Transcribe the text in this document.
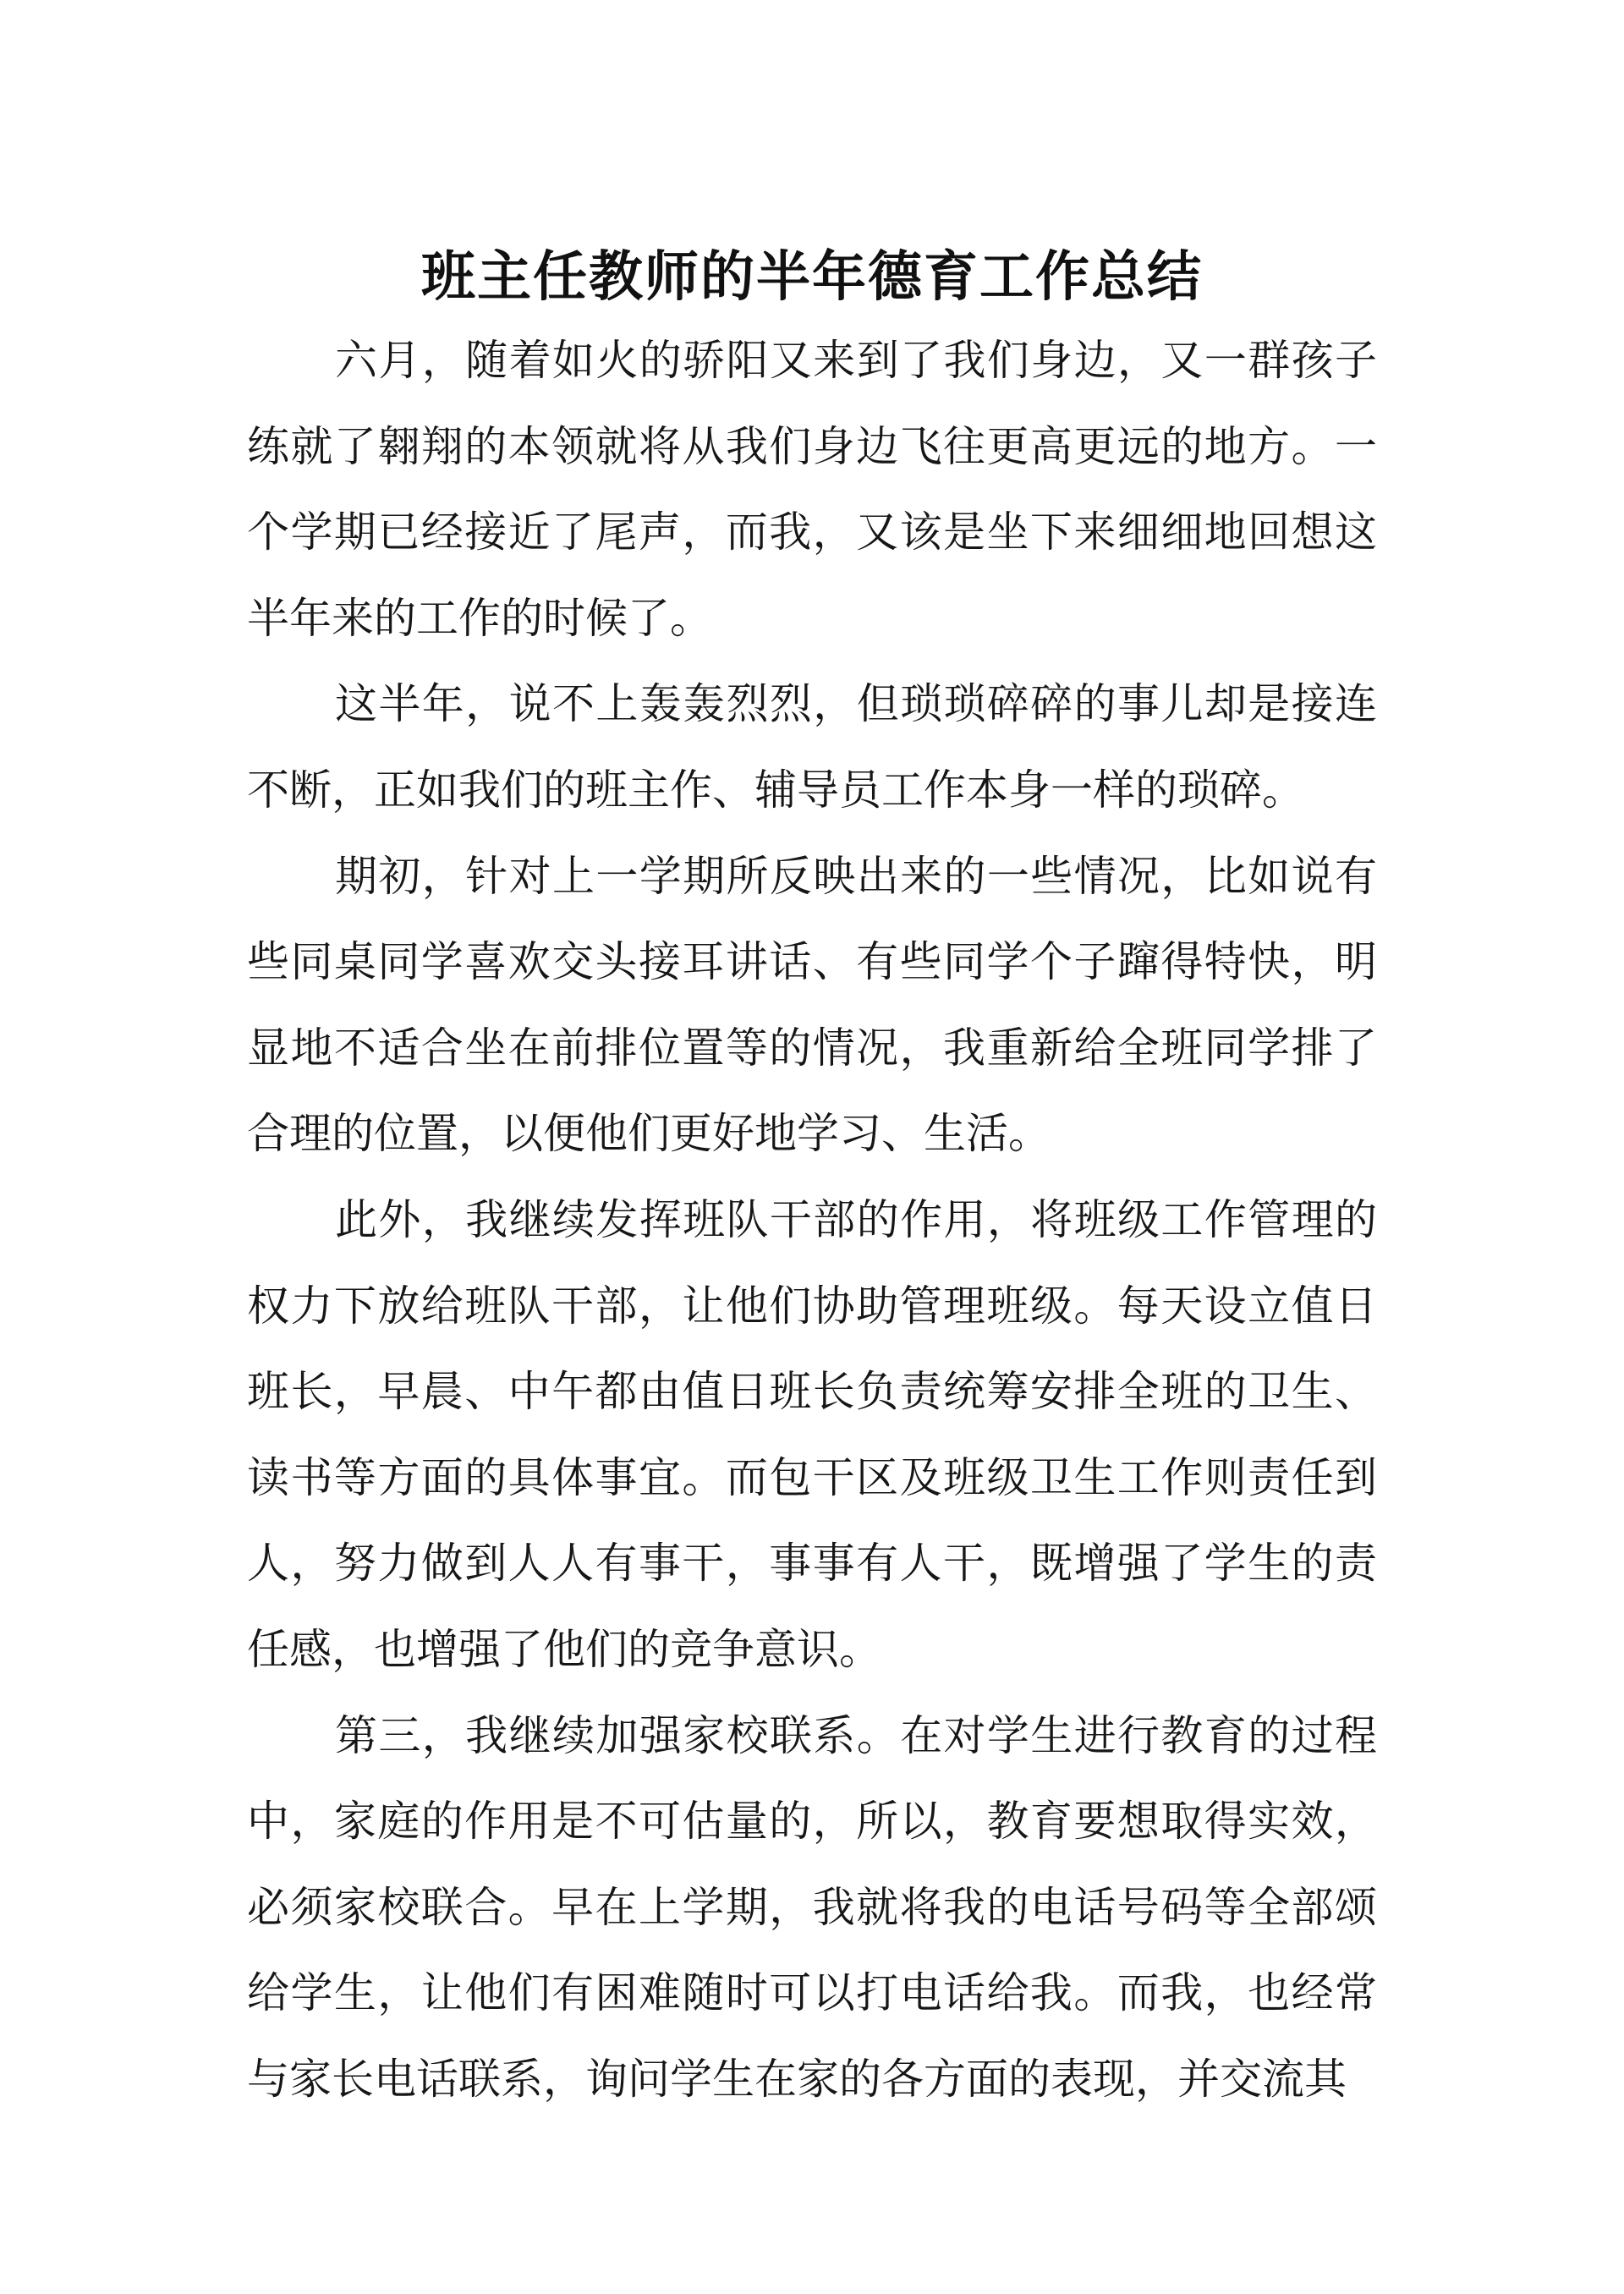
班主任教师的半年德育工作总结

六月，随着如火的骄阳又来到了我们身边，又一群孩子练就了翱翔的本领就将从我们身边飞往更高更远的地方。一个学期已经接近了尾声，而我，又该是坐下来细细地回想这半年来的工作的时候了。

这半年，说不上轰轰烈烈，但琐琐碎碎的事儿却是接连不断，正如我们的班主作、辅导员工作本身一样的琐碎。

期初，针对上一学期所反映出来的一些情况，比如说有些同桌同学喜欢交头接耳讲话、有些同学个子蹿得特快，明显地不适合坐在前排位置等的情况，我重新给全班同学排了合理的位置，以便他们更好地学习、生活。

此外，我继续发挥班队干部的作用，将班级工作管理的权力下放给班队干部，让他们协助管理班级。每天设立值日班长，早晨、中午都由值日班长负责统筹安排全班的卫生、读书等方面的具体事宜。而包干区及班级卫生工作则责任到人，努力做到人人有事干，事事有人干，既增强了学生的责任感，也增强了他们的竞争意识。

第三，我继续加强家校联系。在对学生进行教育的过程中，家庭的作用是不可估量的，所以，教育要想取得实效，必须家校联合。早在上学期，我就将我的电话号码等全部颂给学生，让他们有困难随时可以打电话给我。而我，也经常与家长电话联系，询问学生在家的各方面的表现，并交流其
